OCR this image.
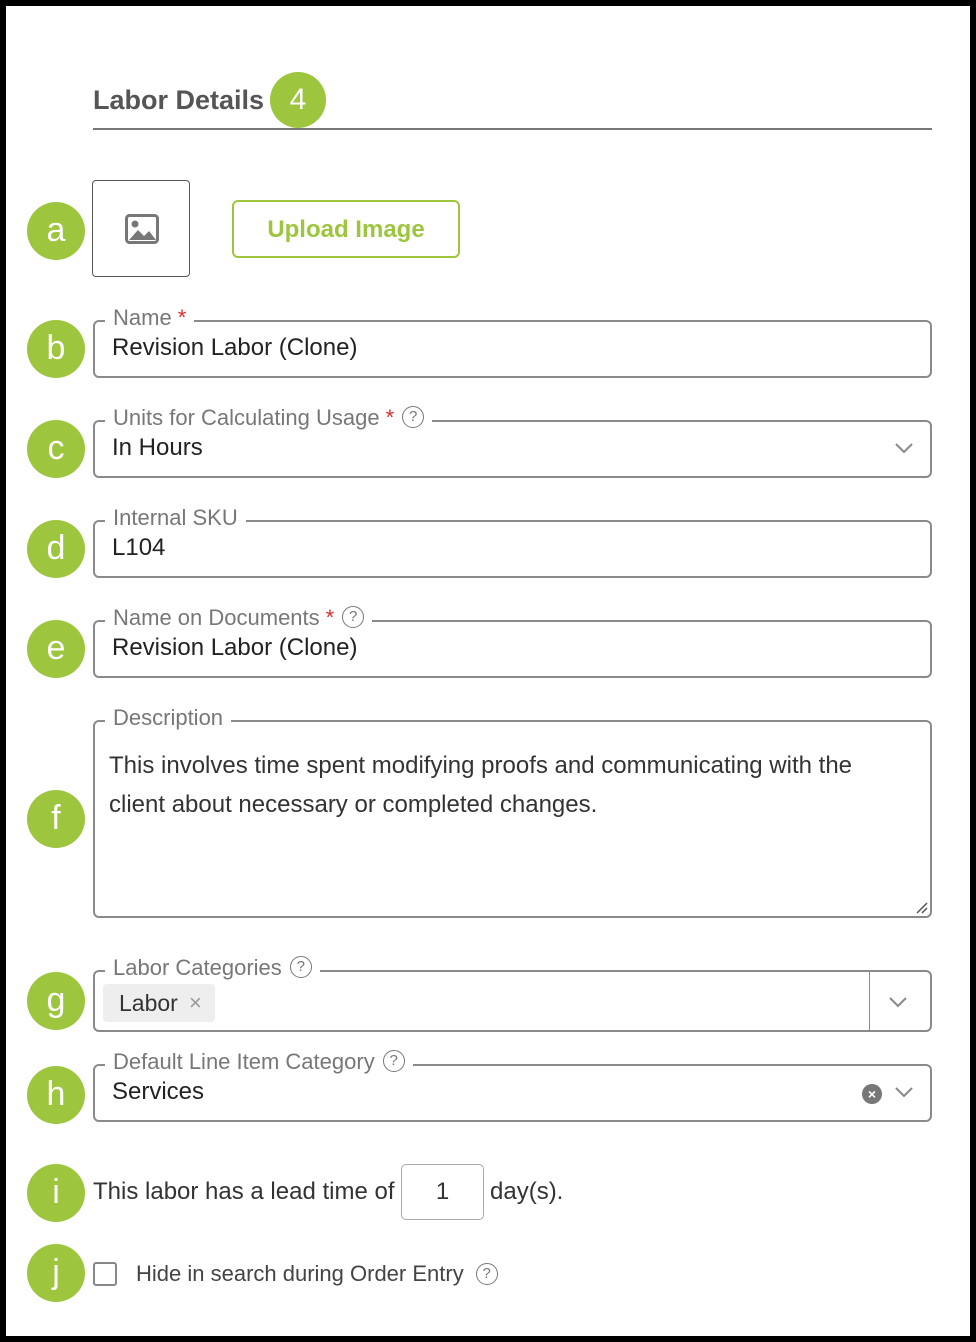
Labor Details 4
a	Upload Image
b
Name *
Revision Labor (Clone)
c
Units for Calculating Usage * ?
In Hours
d
Internal SKU
L104
e
Name on Documents * ?
Revision Labor (Clone)
f
Description
This involves time spent modifying proofs and communicating with the client about necessary or completed changes.
g
Labor Categories ?
Labor ×
h
Default Line Item Category ?
Services	×
i	This labor has a lead time of	1	day(s).
j	Hide in search during Order Entry ?
